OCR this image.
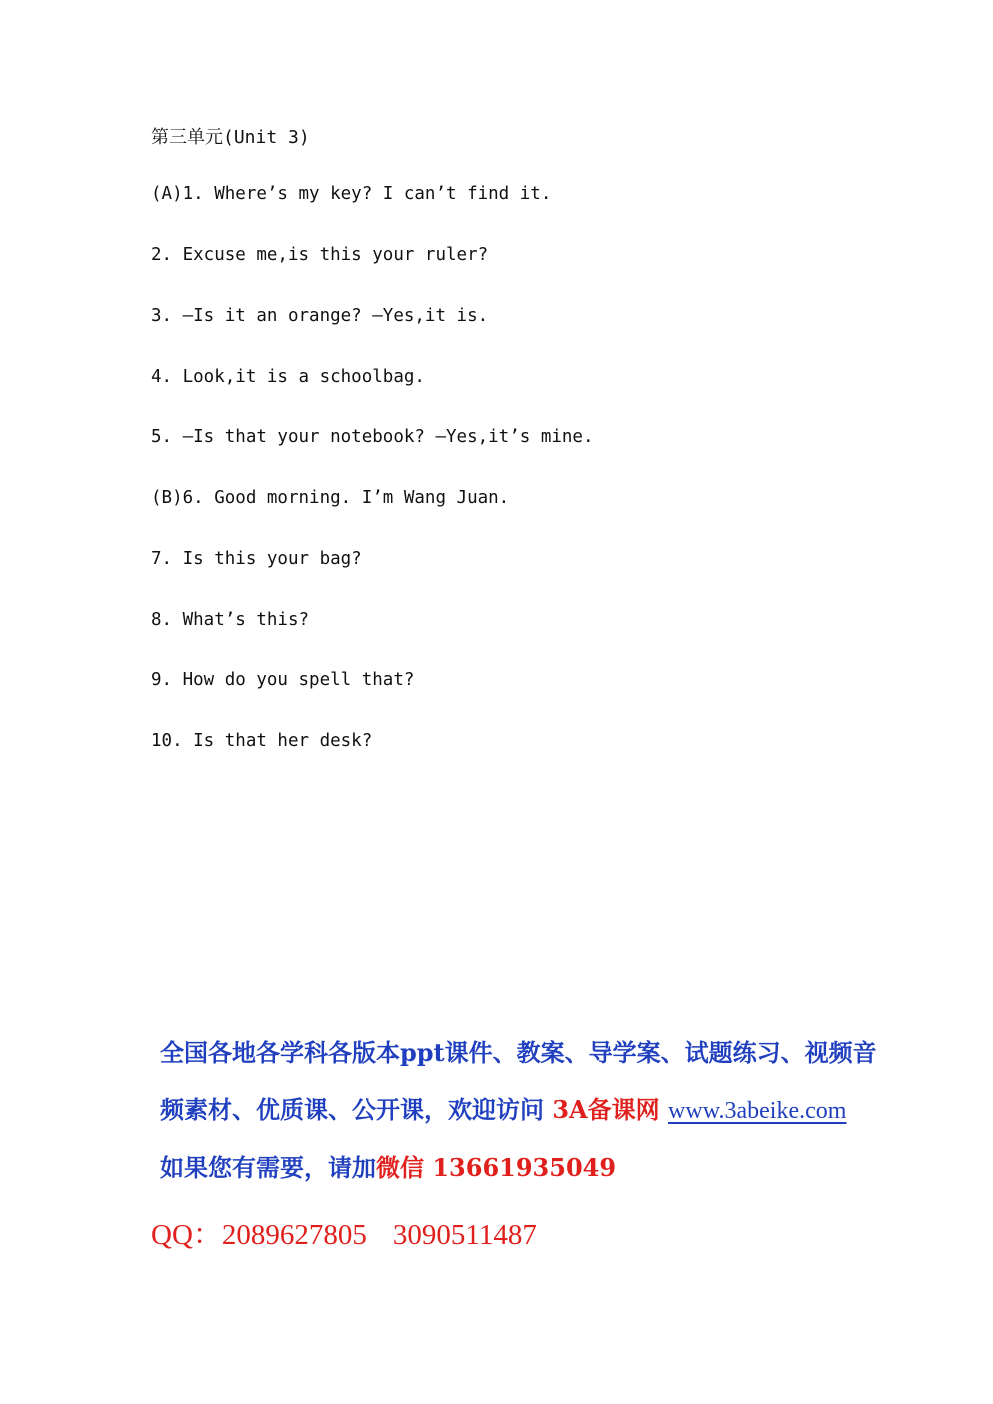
第三单元(Unit 3)
(A)1. Where’s my key? I can’t find it.
2. Excuse me,is this your ruler?
3. —Is it an orange? —Yes,it is.
4. Look,it is a schoolbag.
5. —Is that your notebook? —Yes,it’s mine.
(B)6. Good morning. I’m Wang Juan.
7. Is this your bag?
8. What’s this?
9. How do you spell that?
10. Is that her desk?
全国各地各学科各版本ppt课件、教案、导学案、试题练习、视频音
频素材、优质课、公开课，欢迎访问 3A备课网 www.3abeike.com
如果您有需要，请加微信 13661935049
QQ：2089627805 3090511487
